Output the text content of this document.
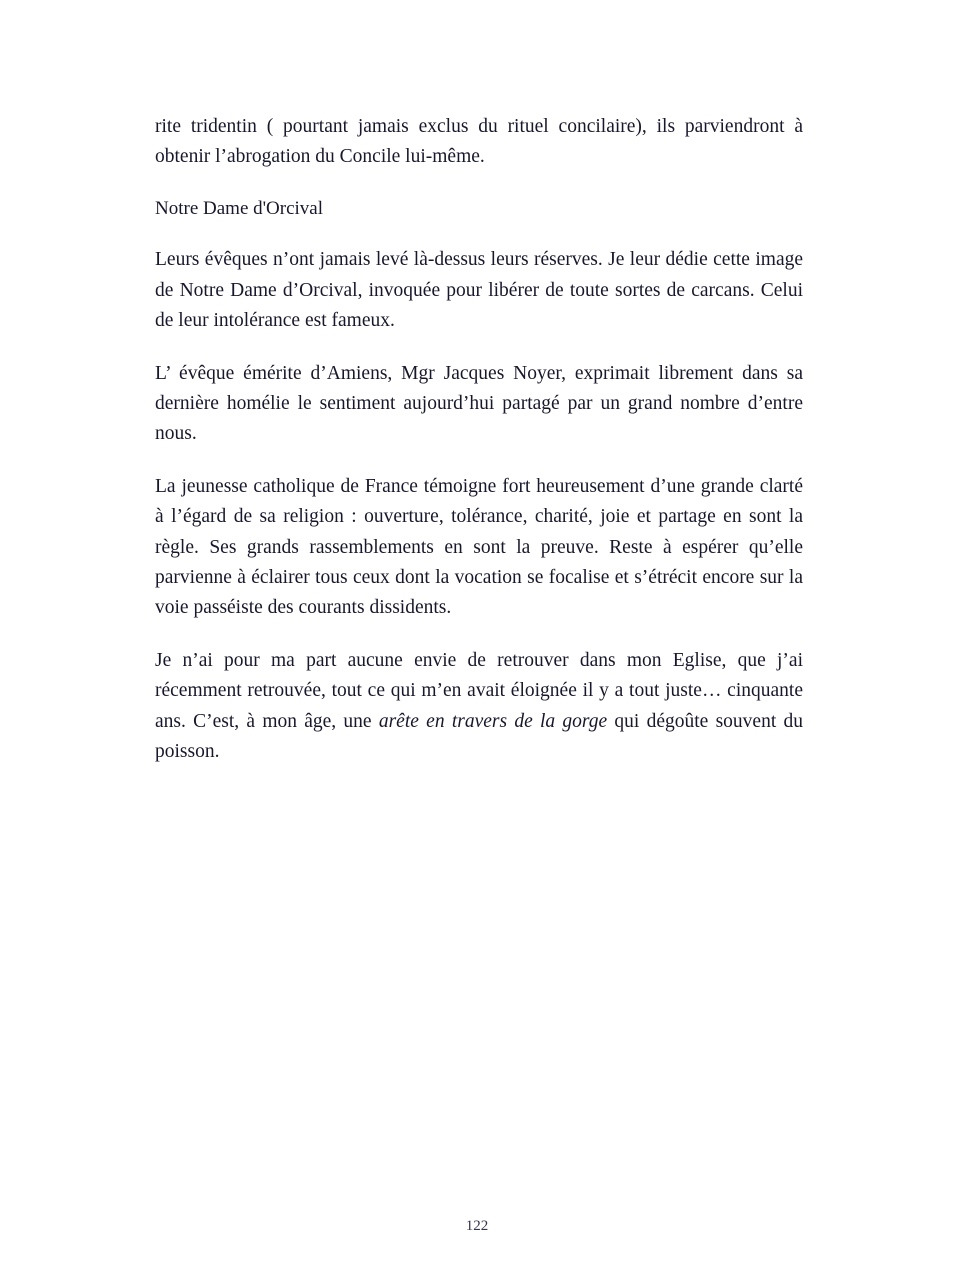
rite tridentin ( pourtant jamais exclus du rituel concilaire), ils parviendront à obtenir l’abrogation du Concile lui-même.

Notre Dame d'Orcival

Leurs évêques n’ont jamais levé là-dessus leurs réserves. Je leur dédie cette image de Notre Dame d’Orcival, invoquée pour libérer de toute sortes de carcans. Celui de leur intolérance est fameux.

L’ évêque émérite d’Amiens, Mgr Jacques Noyer, exprimait librement dans sa dernière homélie le sentiment aujourd’hui partagé par un grand nombre d’entre nous.

La jeunesse catholique de France témoigne fort heureusement d’une grande clarté à l’égard de sa religion : ouverture, tolérance, charité, joie et partage en sont la règle. Ses grands rassemblements en sont la preuve. Reste à espérer qu’elle parvienne à éclairer tous ceux dont la vocation se focalise et s’étrécit encore sur la voie passéiste des courants dissidents.

Je n’ai pour ma part aucune envie de retrouver dans mon Eglise, que j’ai récemment retrouvée, tout ce qui m’en avait éloignée il y a tout juste… cinquante ans. C’est, à mon âge, une arête en travers de la gorge qui dégoûte souvent du poisson.

122
